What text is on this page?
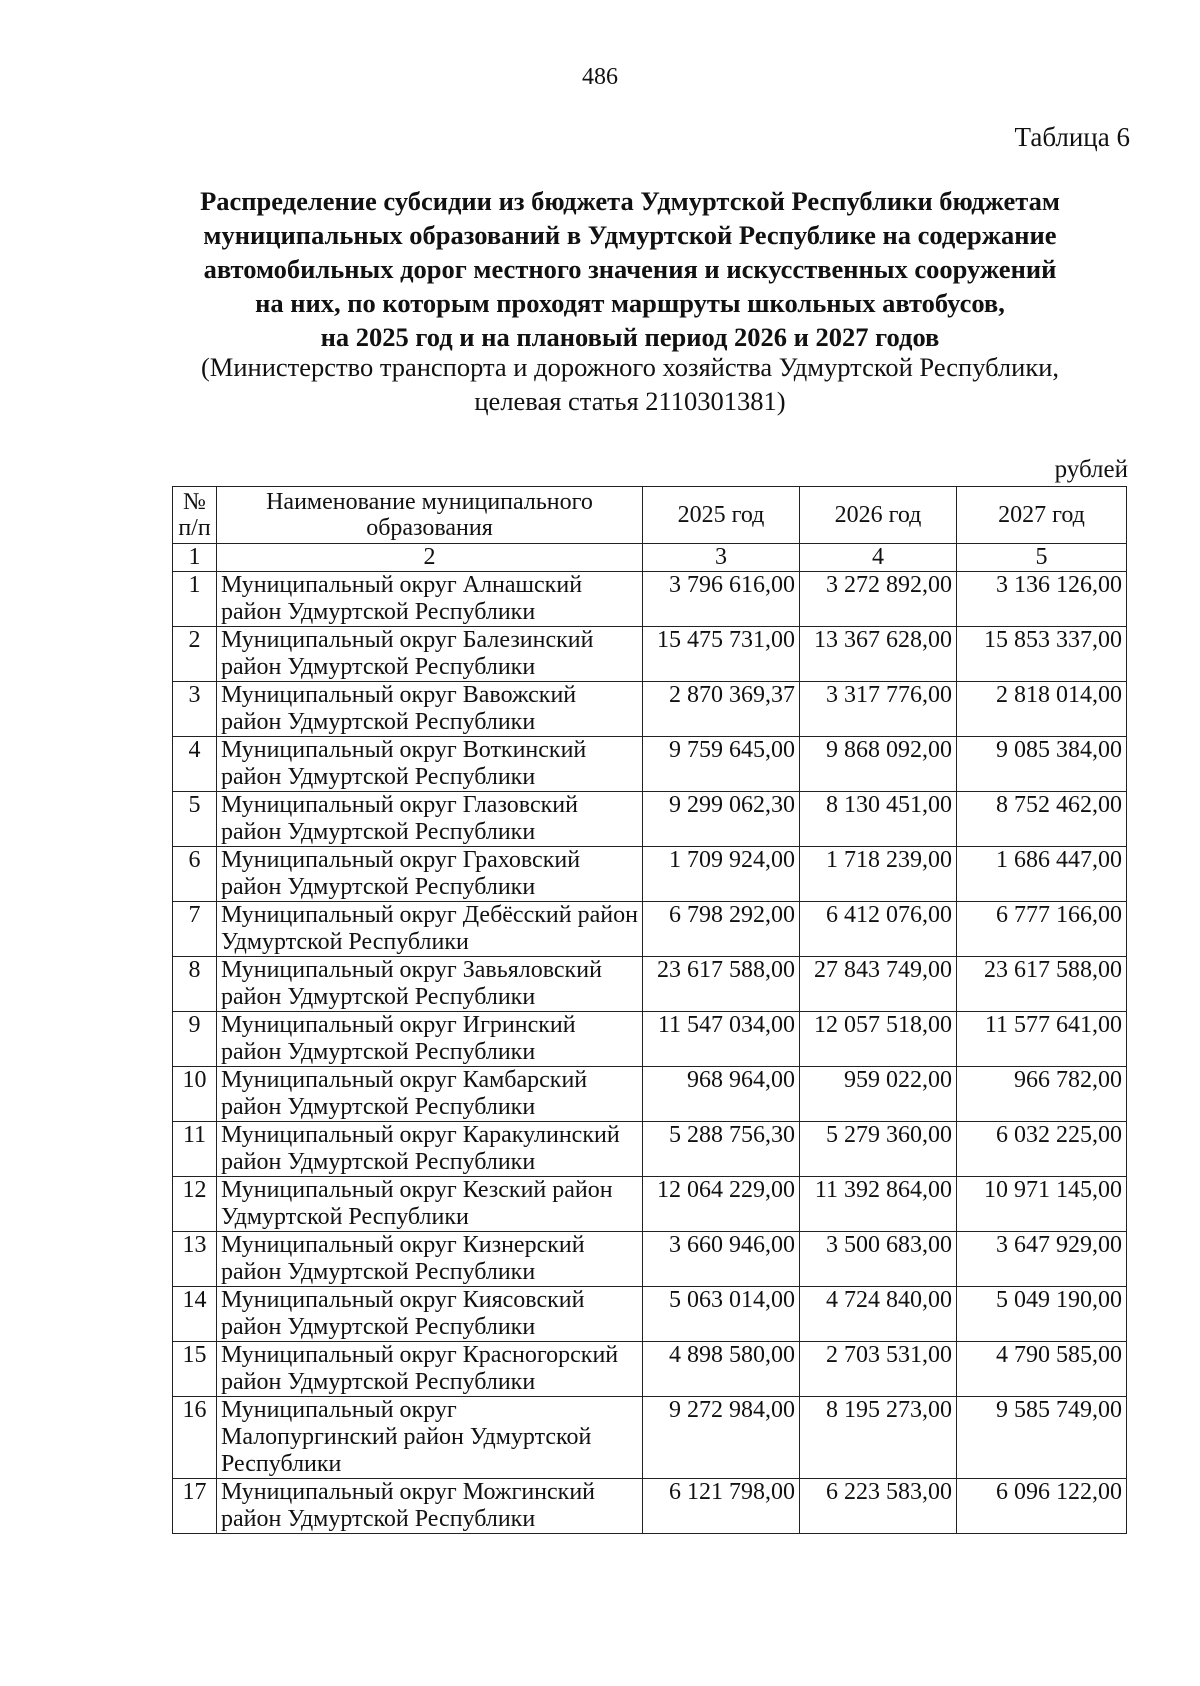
486
Таблица 6
Распределение субсидии из бюджета Удмуртской Республики бюджетам
муниципальных образований в Удмуртской Республике на содержание
автомобильных дорог местного значения и искусственных сооружений
на них, по которым проходят маршруты школьных автобусов,
на 2025 год и на плановый период 2026 и 2027 годов
(Министерство транспорта и дорожного хозяйства Удмуртской Республики,
целевая статья 2110301381)
рублей
№ п/п	Наименование муниципального образования	2025 год	2026 год	2027 год
1	2	3	4	5
1	Муниципальный округ Алнашский район Удмуртской Республики	3 796 616,00	3 272 892,00	3 136 126,00
2	Муниципальный округ Балезинский район Удмуртской Республики	15 475 731,00	13 367 628,00	15 853 337,00
3	Муниципальный округ Вавожский район Удмуртской Республики	2 870 369,37	3 317 776,00	2 818 014,00
4	Муниципальный округ Воткинский район Удмуртской Республики	9 759 645,00	9 868 092,00	9 085 384,00
5	Муниципальный округ Глазовский район Удмуртской Республики	9 299 062,30	8 130 451,00	8 752 462,00
6	Муниципальный округ Граховский район Удмуртской Республики	1 709 924,00	1 718 239,00	1 686 447,00
7	Муниципальный округ Дебёсский район Удмуртской Республики	6 798 292,00	6 412 076,00	6 777 166,00
8	Муниципальный округ Завьяловский район Удмуртской Республики	23 617 588,00	27 843 749,00	23 617 588,00
9	Муниципальный округ Игринский район Удмуртской Республики	11 547 034,00	12 057 518,00	11 577 641,00
10	Муниципальный округ Камбарский район Удмуртской Республики	968 964,00	959 022,00	966 782,00
11	Муниципальный округ Каракулинский район Удмуртской Республики	5 288 756,30	5 279 360,00	6 032 225,00
12	Муниципальный округ Кезский район Удмуртской Республики	12 064 229,00	11 392 864,00	10 971 145,00
13	Муниципальный округ Кизнерский район Удмуртской Республики	3 660 946,00	3 500 683,00	3 647 929,00
14	Муниципальный округ Киясовский район Удмуртской Республики	5 063 014,00	4 724 840,00	5 049 190,00
15	Муниципальный округ Красногорский район Удмуртской Республики	4 898 580,00	2 703 531,00	4 790 585,00
16	Муниципальный округ Малопургинский район Удмуртской Республики	9 272 984,00	8 195 273,00	9 585 749,00
17	Муниципальный округ Можгинский район Удмуртской Республики	6 121 798,00	6 223 583,00	6 096 122,00
